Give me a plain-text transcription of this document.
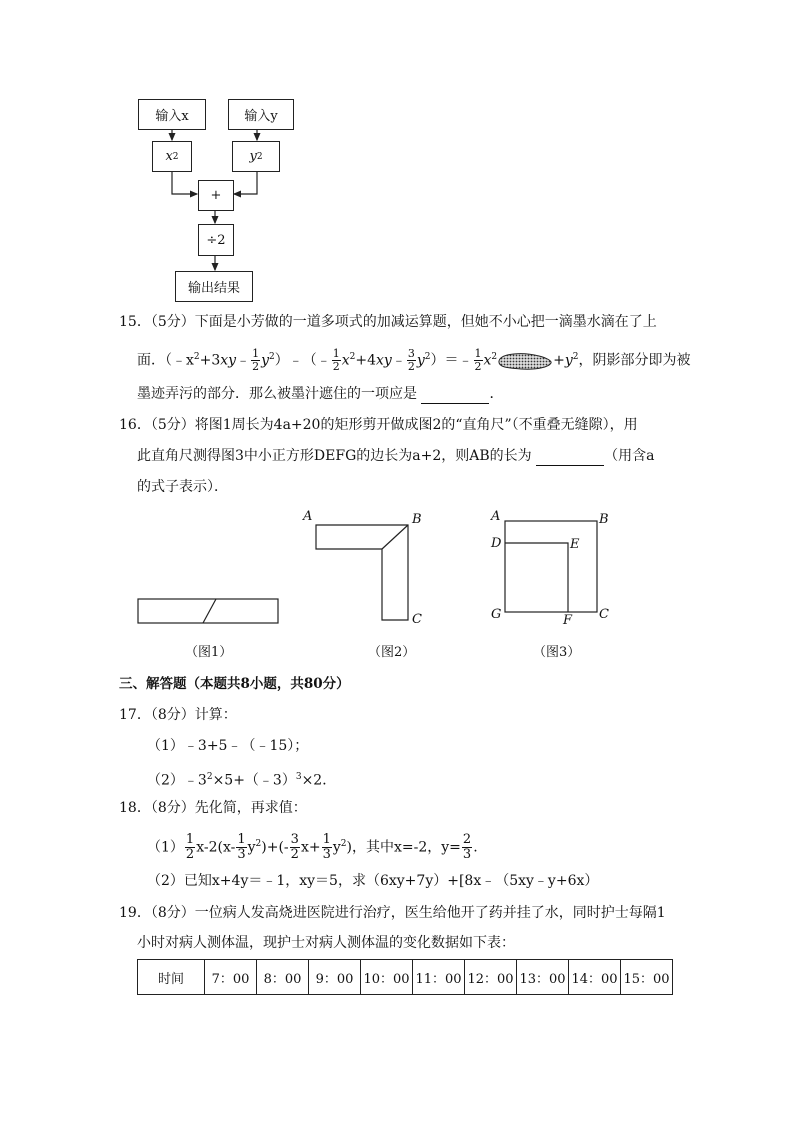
输入x	输入y
x 2	y 2
+
÷2
输出结果
15．（5分）下面是小芳做的一道多项式的加减运算题，但她不小心把一滴墨水滴在了上
面．（$﹣x^2+3xy﹣ \frac{1}{2}$ $y^2)﹣(﹣ \frac{1}{2}$ $x^2+4xy﹣ \frac{3}{2}$ $y^2)=﹣ \frac{1}{2} x^2$	$+y^2$，阴影部分即为被
墨迹弄污的部分．那么被墨汁遮住的一项应是	．
16．（5分）将图1周长为4a+20的矩形剪开做成图2的“直角尺”（不重叠无缝隙），用
此直角尺测得图3中小正方形DEFG的边长为a+2，则AB的长为	（用含a
的式子表示）．
A	B
C
A	B
D	E
G	F C
（图1）	（图2）	（图3）
三、解答题（本题共8小题，共80分）
17．（8分）计算：
（1）﹣3+5﹣（﹣15）；
$(2)﹣3^2\times 5+(﹣3)^3\times 2$．
18．（8分）先化简，再求值：
$(1) \frac{1}{2} x-2(x- \frac{1}{3} y^2)+(- \frac{3}{2} x+ \frac{1}{3} y^2)$，其中x=-2，$y= \frac{2}{3}$ .
（2）已知x+4y＝﹣1，xy＝5，求（6xy+7y）+[8x﹣（5xy﹣y+6x）
19．（8分）一位病人发高烧进医院进行治疗，医生给他开了药并挂了水，同时护士每隔1
小时对病人测体温，现护士对病人测体温的变化数据如下表：
时间	7：00	8：00	9：00	10：00	11：00	12：00	13：00	14：00	15：00
